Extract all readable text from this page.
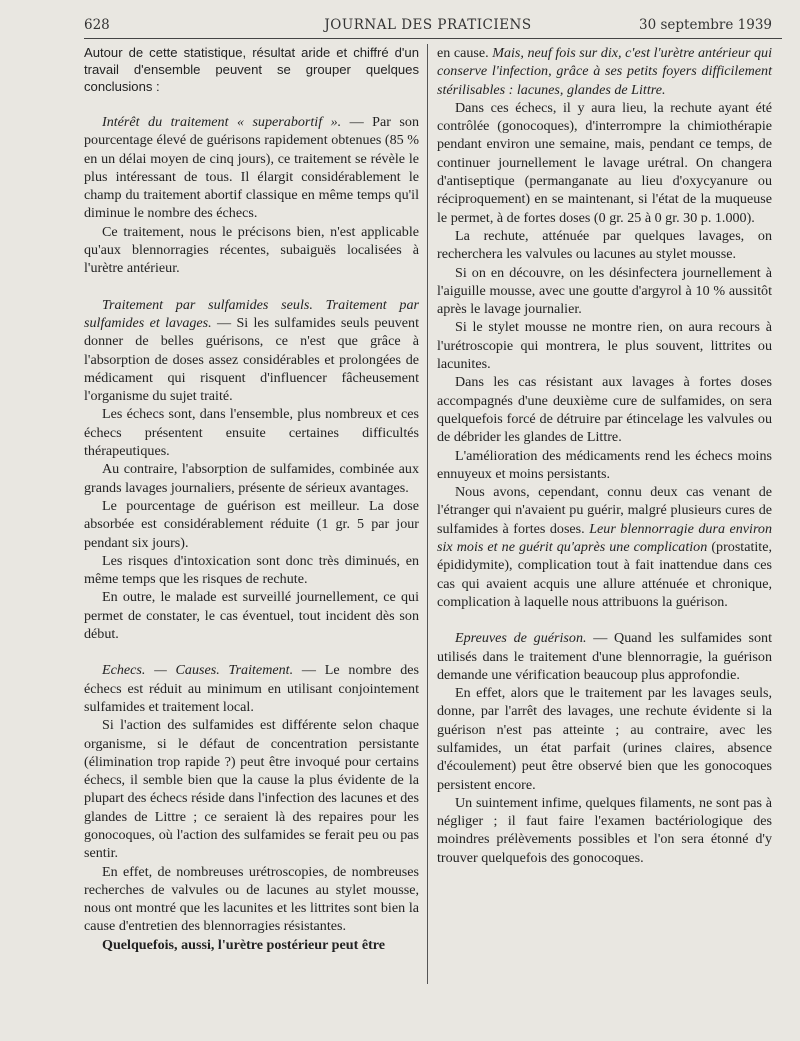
628	JOURNAL DES PRATICIENS	30 septembre 1939

Autour de cette statistique, résultat aride et chiffré d'un travail d'ensemble peuvent se grouper quelques conclusions :

Intérêt du traitement « superabortif ». — Par son pourcentage élevé de guérisons rapidement obtenues (85 % en un délai moyen de cinq jours), ce traitement se révèle le plus intéressant de tous. Il élargit considérablement le champ du traitement abortif classique en même temps qu'il diminue le nombre des échecs.

Ce traitement, nous le précisons bien, n'est applicable qu'aux blennorragies récentes, subaiguës localisées à l'urètre antérieur.

Traitement par sulfamides seuls. Traitement par sulfamides et lavages. — Si les sulfamides seuls peuvent donner de belles guérisons, ce n'est que grâce à l'absorption de doses assez considérables et prolongées de médicament qui risquent d'influencer fâcheusement l'organisme du sujet traité.

Les échecs sont, dans l'ensemble, plus nombreux et ces échecs présentent ensuite certaines difficultés thérapeutiques.

Au contraire, l'absorption de sulfamides, combinée aux grands lavages journaliers, présente de sérieux avantages.

Le pourcentage de guérison est meilleur. La dose absorbée est considérablement réduite (1 gr. 5 par jour pendant six jours).

Les risques d'intoxication sont donc très diminués, en même temps que les risques de rechute.

En outre, le malade est surveillé journellement, ce qui permet de constater, le cas éventuel, tout incident dès son début.

Echecs. — Causes. Traitement. — Le nombre des échecs est réduit au minimum en utilisant conjointement sulfamides et traitement local.

Si l'action des sulfamides est différente selon chaque organisme, si le défaut de concentration persistante (élimination trop rapide ?) peut être invoqué pour certains échecs, il semble bien que la cause la plus évidente de la plupart des échecs réside dans l'infection des lacunes et des glandes de Littre ; ce seraient là des repaires pour les gonocoques, où l'action des sulfamides se ferait peu ou pas sentir.

En effet, de nombreuses urétroscopies, de nombreuses recherches de valvules ou de lacunes au stylet mousse, nous ont montré que les lacunites et les littrites sont bien la cause d'entretien des blennorragies résistantes.

Quelquefois, aussi, l'urètre postérieur peut être

en cause. Mais, neuf fois sur dix, c'est l'urètre antérieur qui conserve l'infection, grâce à ses petits foyers difficilement stérilisables : lacunes, glandes de Littre.

Dans ces échecs, il y aura lieu, la rechute ayant été contrôlée (gonocoques), d'interrompre la chimiothérapie pendant environ une semaine, mais, pendant ce temps, de continuer journellement le lavage urétral. On changera d'antiseptique (permanganate au lieu d'oxycyanure ou réciproquement) en se maintenant, si l'état de la muqueuse le permet, à de fortes doses (0 gr. 25 à 0 gr. 30 p. 1.000).

La rechute, atténuée par quelques lavages, on recherchera les valvules ou lacunes au stylet mousse.

Si on en découvre, on les désinfectera journellement à l'aiguille mousse, avec une goutte d'argyrol à 10 % aussitôt après le lavage journalier.

Si le stylet mousse ne montre rien, on aura recours à l'urétroscopie qui montrera, le plus souvent, littrites ou lacunites.

Dans les cas résistant aux lavages à fortes doses accompagnés d'une deuxième cure de sulfamides, on sera quelquefois forcé de détruire par étincelage les valvules ou de débrider les glandes de Littre.

L'amélioration des médicaments rend les échecs moins ennuyeux et moins persistants.

Nous avons, cependant, connu deux cas venant de l'étranger qui n'avaient pu guérir, malgré plusieurs cures de sulfamides à fortes doses. Leur blennorragie dura environ six mois et ne guérit qu'après une complication (prostatite, épididymite), complication tout à fait inattendue dans ces cas qui avaient acquis une allure atténuée et chronique, complication à laquelle nous attribuons la guérison.

Epreuves de guérison. — Quand les sulfamides sont utilisés dans le traitement d'une blennorragie, la guérison demande une vérification beaucoup plus approfondie.

En effet, alors que le traitement par les lavages seuls, donne, par l'arrêt des lavages, une rechute évidente si la guérison n'est pas atteinte ; au contraire, avec les sulfamides, un état parfait (urines claires, absence d'écoulement) peut être observé bien que les gonocoques persistent encore.

Un suintement infime, quelques filaments, ne sont pas à négliger ; il faut faire l'examen bactériologique des moindres prélèvements possibles et l'on sera étonné d'y trouver quelquefois des gonocoques.
